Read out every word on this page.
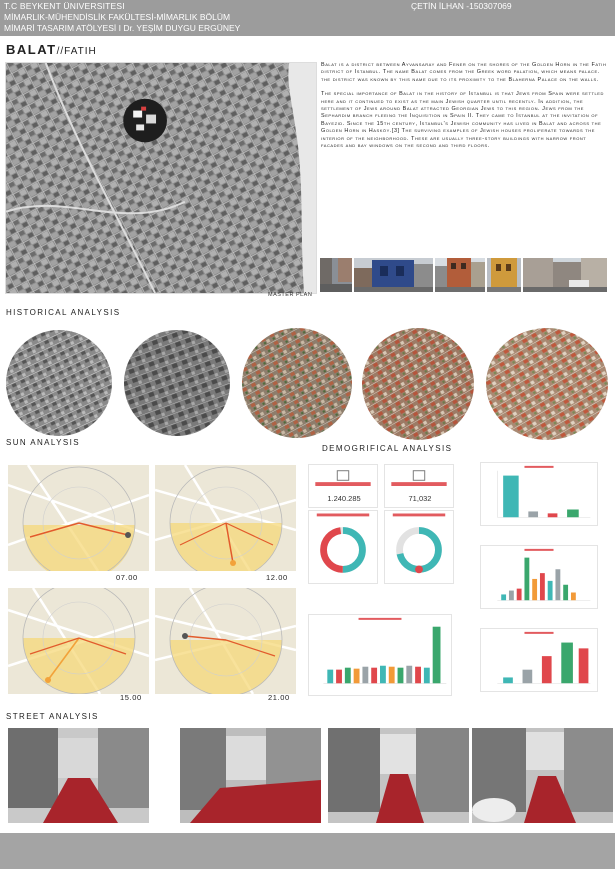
T.C BEYKENT ÜNIVERSITESI
MİMARLIK-MÜHENDİSLİK FAKÜLTESİ-MİMARLIK BÖLÜM
MİMARİ TASARIM ATÖLYESİ I Dr. YEŞİM DUYGU ERGÜNEY
ÇETİN İLHAN -150307069
BALAT//FATIH
MASTER PLAN

Balat is a district between Ayvansaray and Fener on the shores of the Golden Horn in the Fatih district of Istanbul. The name Balat comes from the Greek word palation, which means palace. the district was known by this name due to its proximity to the Blaherna Palace on the walls.

The special importance of Balat in the history of Istanbul is that Jews from Spain were settled here and it continued to exist as the main Jewish quarter until recently. In addition, the settlement of Jews around Balat attracted Georgian Jews to this region. Jews from the Sephardim branch fleeing the Inquisition in Spain II. They came to Istanbul at the invitation of Bayezid. Since the 15th century, Istanbul's Jewish community has lived in Balat and across the Golden Horn in Hasköy.[3] The surviving examples of Jewish houses proliferate towards the interior of the neighborhood. These are usually three-story buildings with narrow front facades and bay windows on the second and third floors.

HISTORICAL ANALYSIS
SUN ANALYSIS
07.00	12.00
15.00	21.00
DEMOGRIFICAL ANALYSIS
1.240.285	71,032
STREET ANALYSIS
